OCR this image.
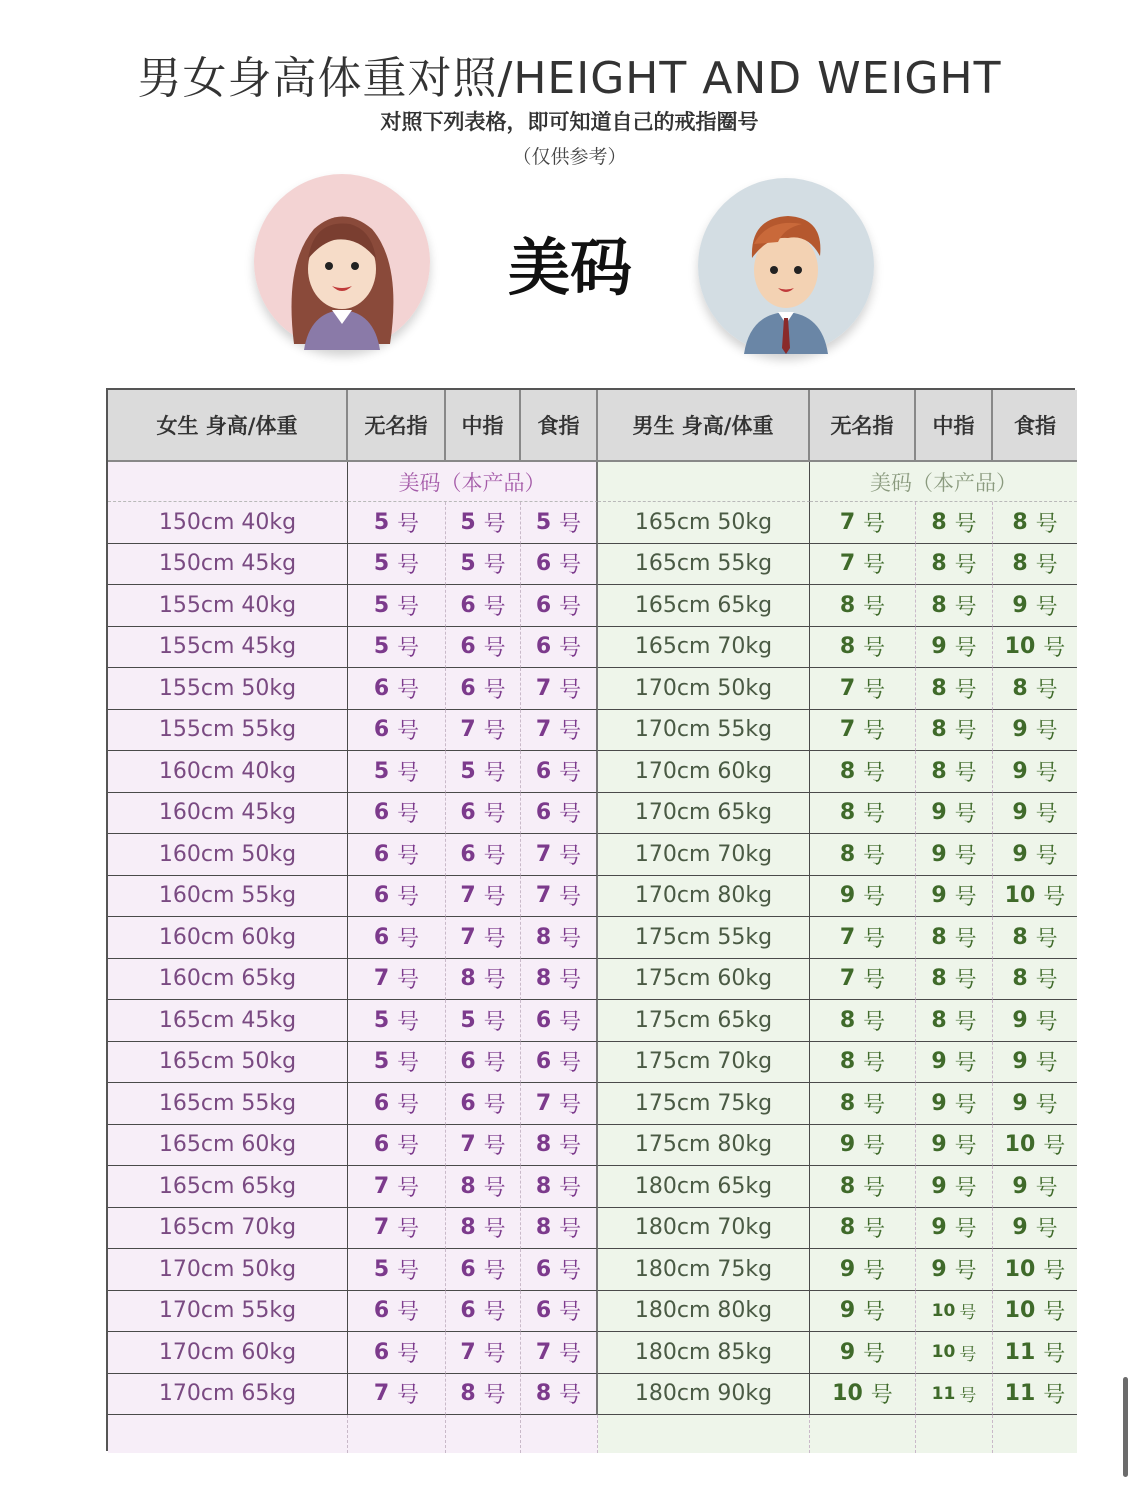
男女身高体重对照/HEIGHT AND WEIGHT
对照下列表格，即可知道自己的戒指圈号
（仅供参考）
美码
女生 身高/体重	无名指	中指	食指	男生 身高/体重	无名指	中指	食指
美码（本产品）	美码（本产品）
150cm 40kg	5 号 5 号 5 号	165cm 50kg	7 号 8 号 8 号
150cm 45kg	5 号 5 号 6 号	165cm 55kg	7 号 8 号 8 号
155cm 40kg	5 号 6 号 6 号	165cm 65kg	8 号 8 号 9 号
155cm 45kg	5 号 6 号 6 号	165cm 70kg	8 号 9 号 10 号
155cm 50kg	6 号 6 号 7 号	170cm 50kg	7 号 8 号 8 号
155cm 55kg	6 号 7 号 7 号	170cm 55kg	7 号 8 号 9 号
160cm 40kg	5 号 5 号 6 号	170cm 60kg	8 号 8 号 9 号
160cm 45kg	6 号 6 号 6 号	170cm 65kg	8 号 9 号 9 号
160cm 50kg	6 号 6 号 7 号	170cm 70kg	8 号 9 号 9 号
160cm 55kg	6 号 7 号 7 号	170cm 80kg	9 号 9 号 10 号
160cm 60kg	6 号 7 号 8 号	175cm 55kg	7 号 8 号 8 号
160cm 65kg	7 号 8 号 8 号	175cm 60kg	7 号 8 号 8 号
165cm 45kg	5 号 5 号 6 号	175cm 65kg	8 号 8 号 9 号
165cm 50kg	5 号 6 号 6 号	175cm 70kg	8 号 9 号 9 号
165cm 55kg	6 号 6 号 7 号	175cm 75kg	8 号 9 号 9 号
165cm 60kg	6 号 7 号 8 号	175cm 80kg	9 号 9 号 10 号
165cm 65kg	7 号 8 号 8 号	180cm 65kg	8 号 9 号 9 号
165cm 70kg	7 号 8 号 8 号	180cm 70kg	8 号 9 号 9 号
170cm 50kg	5 号 6 号 6 号	180cm 75kg	9 号 9 号 10 号
170cm 55kg	6 号 6 号 6 号	180cm 80kg	9 号	10 号 10 号
170cm 60kg	6 号 7 号 7 号	180cm 85kg	9 号	10 号 11 号
170cm 65kg	7 号 8 号 8 号	180cm 90kg	10 号 11 号 11 号
